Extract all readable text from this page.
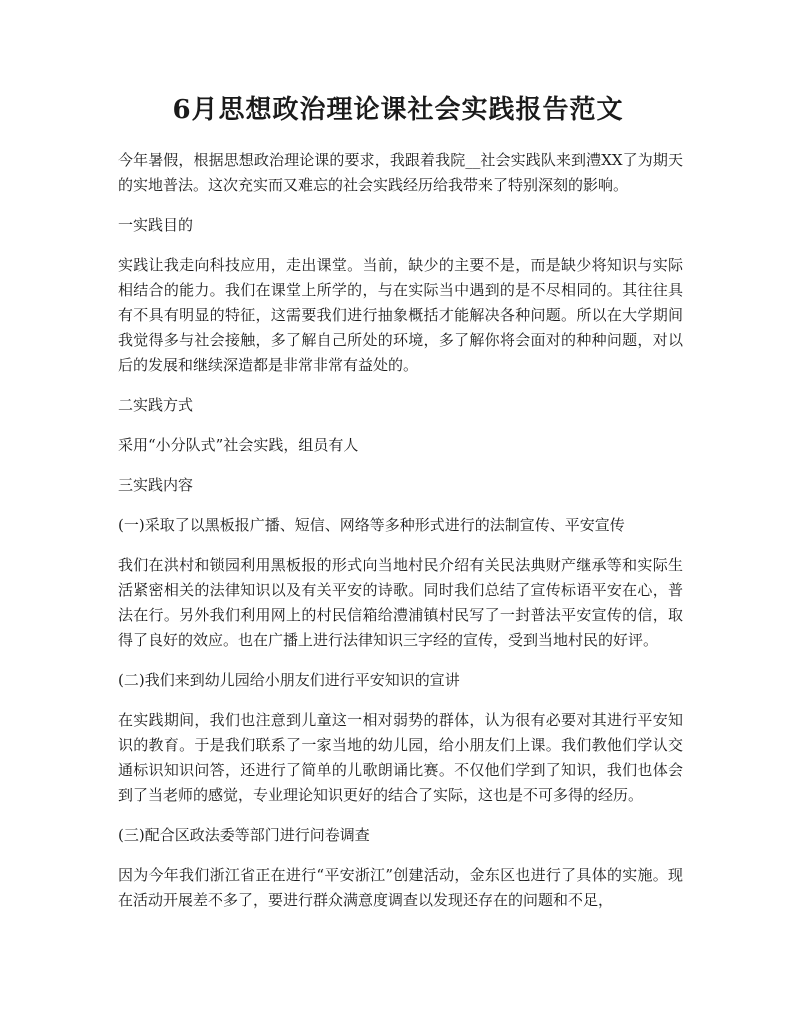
6月思想政治理论课社会实践报告范文

今年暑假，根据思想政治理论课的要求，我跟着我院__社会实践队来到澧XX了为期天的实地普法。这次充实而又难忘的社会实践经历给我带来了特别深刻的影响。

一实践目的

实践让我走向科技应用，走出课堂。当前，缺少的主要不是，而是缺少将知识与实际相结合的能力。我们在课堂上所学的，与在实际当中遇到的是不尽相同的。其往往具有不具有明显的特征，这需要我们进行抽象概括才能解决各种问题。所以在大学期间我觉得多与社会接触，多了解自己所处的环境，多了解你将会面对的种种问题，对以后的发展和继续深造都是非常非常有益处的。

二实践方式

采用“小分队式”社会实践，组员有人

三实践内容

(一)采取了以黑板报广播、短信、网络等多种形式进行的法制宣传、平安宣传

我们在洪村和锁园利用黑板报的形式向当地村民介绍有关民法典财产继承等和实际生活紧密相关的法律知识以及有关平安的诗歌。同时我们总结了宣传标语平安在心，普法在行。另外我们利用网上的村民信箱给澧浦镇村民写了一封普法平安宣传的信，取得了良好的效应。也在广播上进行法律知识三字经的宣传，受到当地村民的好评。

(二)我们来到幼儿园给小朋友们进行平安知识的宣讲

在实践期间，我们也注意到儿童这一相对弱势的群体，认为很有必要对其进行平安知识的教育。于是我们联系了一家当地的幼儿园，给小朋友们上课。我们教他们学认交通标识知识问答，还进行了简单的儿歌朗诵比赛。不仅他们学到了知识，我们也体会到了当老师的感觉，专业理论知识更好的结合了实际，这也是不可多得的经历。

(三)配合区政法委等部门进行问卷调查

因为今年我们浙江省正在进行“平安浙江”创建活动，金东区也进行了具体的实施。现在活动开展差不多了，要进行群众满意度调查以发现还存在的问题和不足，
